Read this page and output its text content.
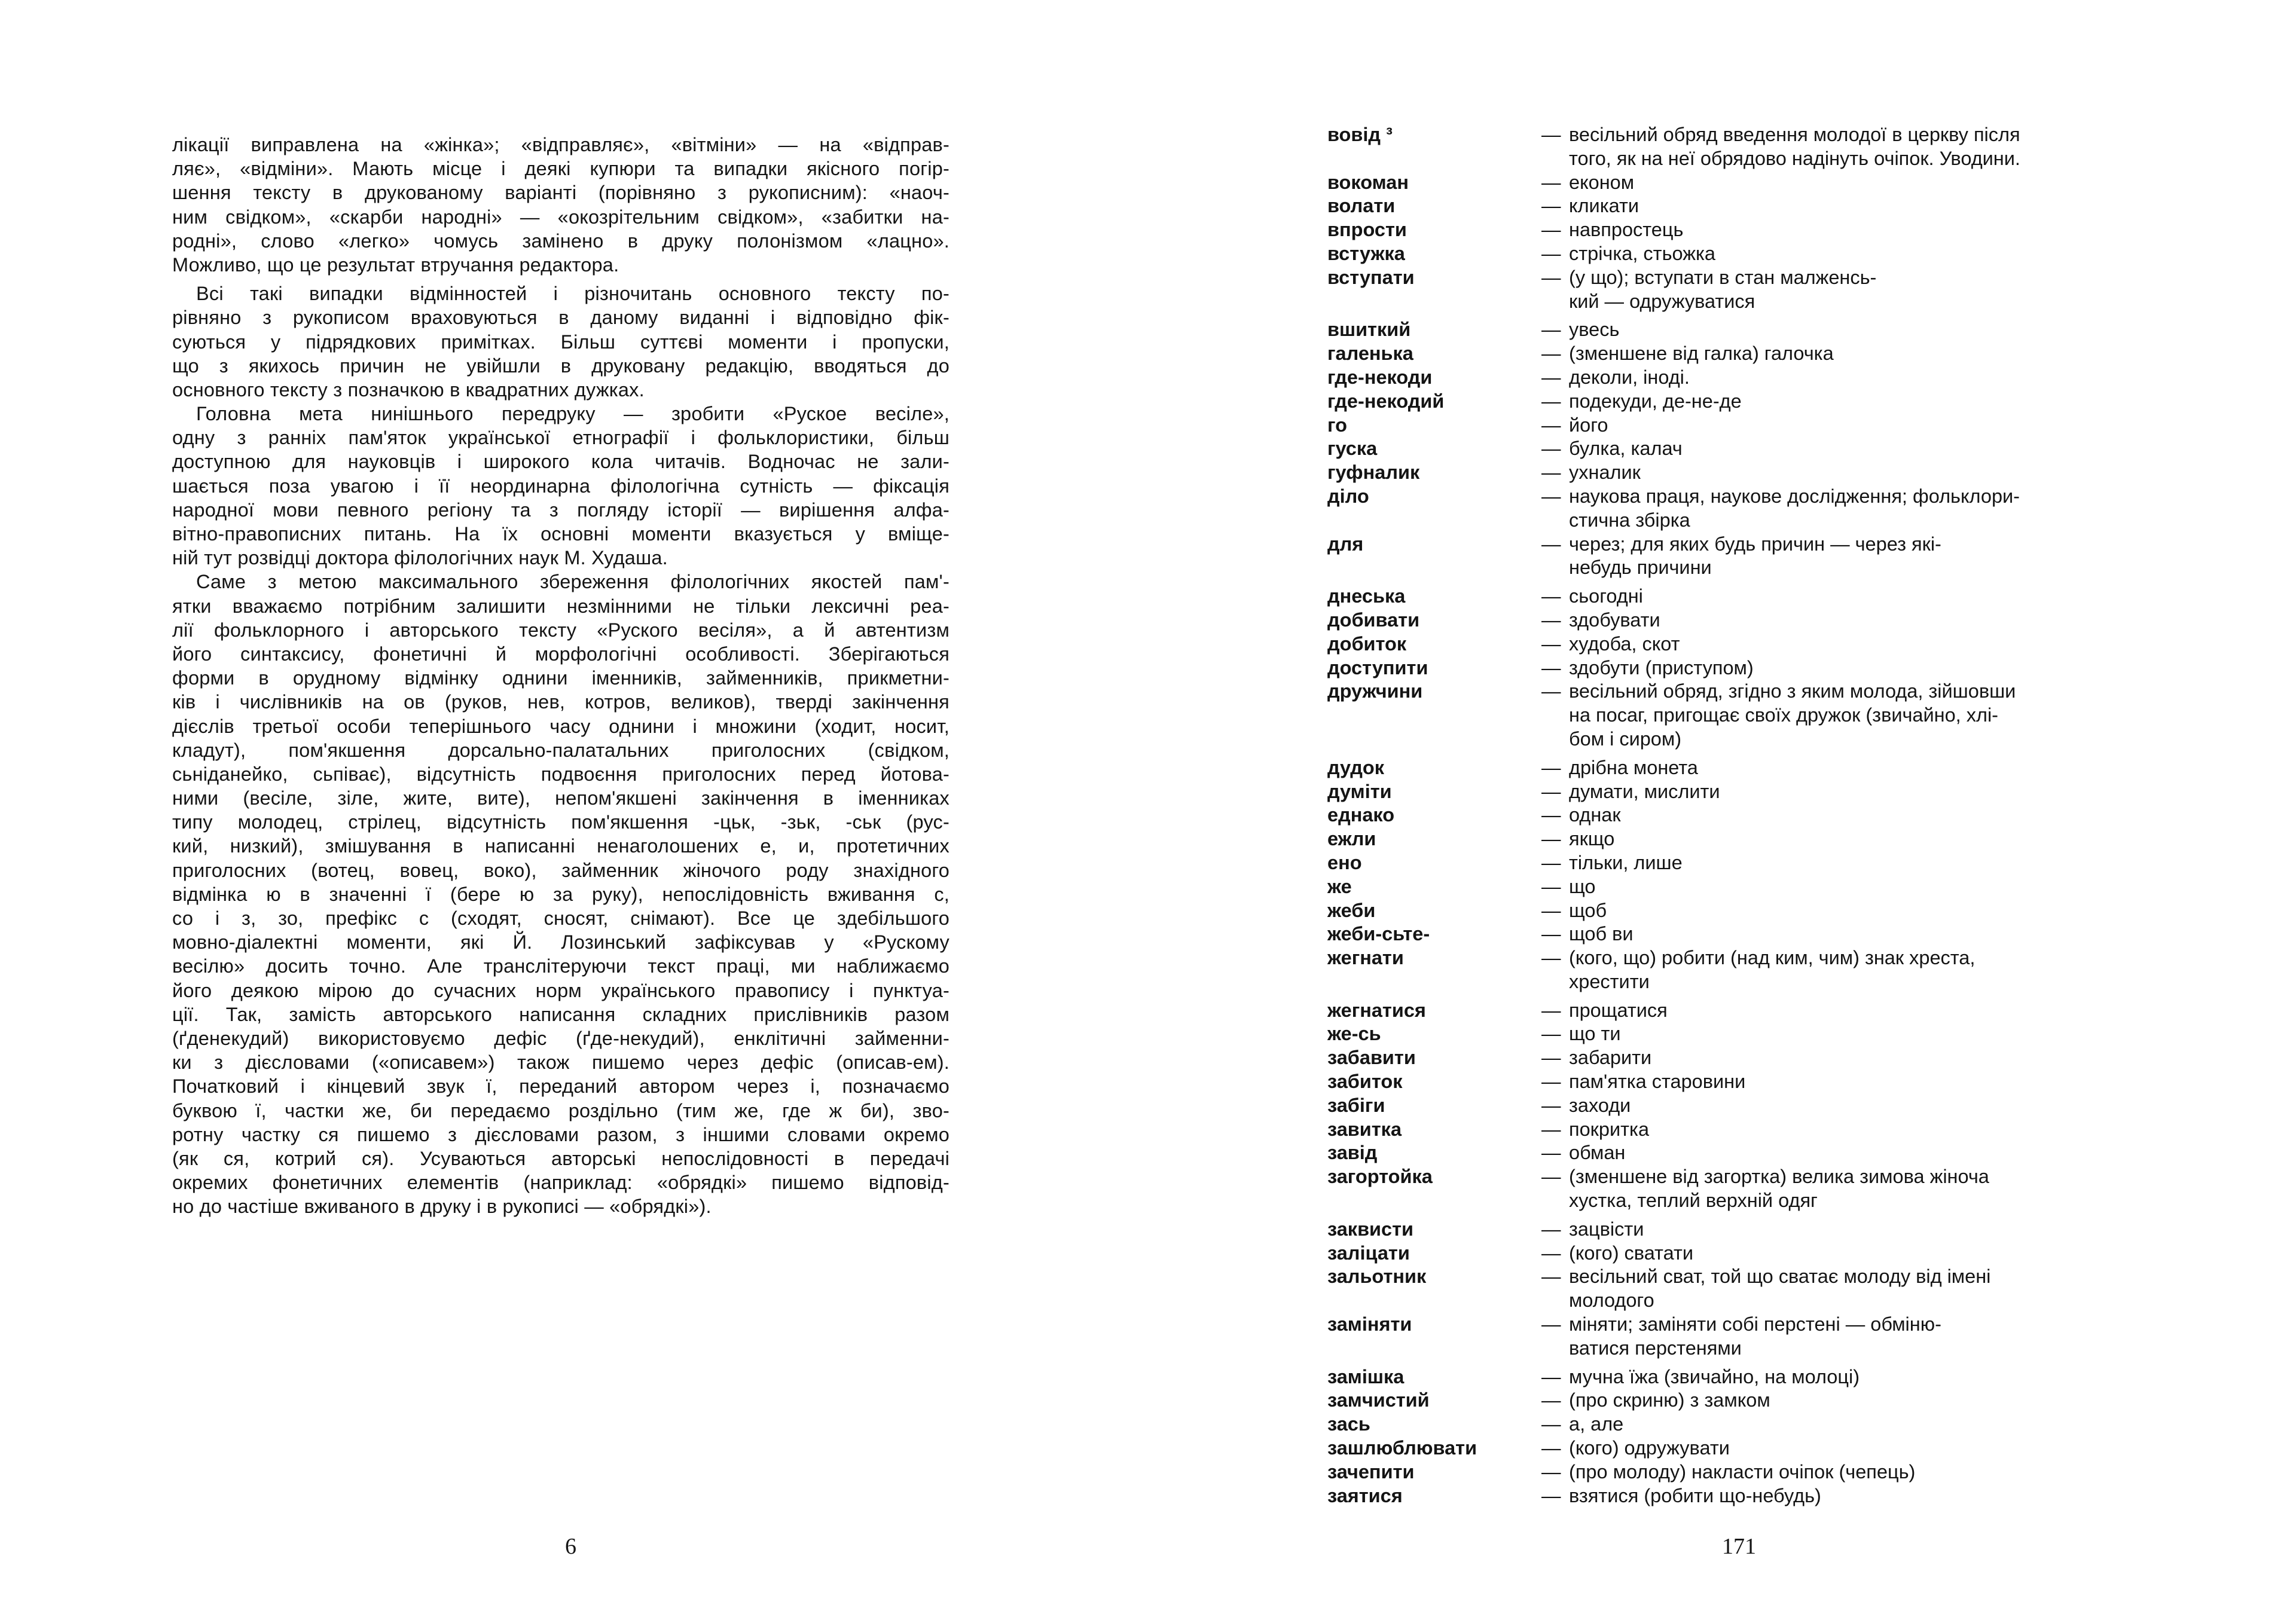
лікації виправлена на «жінка»; «відправляє», «вітміни» — на «відправ-
ляє», «відміни». Мають місце і деякі купюри та випадки якісного погір-
шення тексту в друкованому варіанті (порівняно з рукописним): «наоч-
ним свідком», «скарби народні» — «окозрітельним свідком», «забитки на-
родні», слово «легко» чомусь замінено в друку полонізмом «лацно».
Можливо, що це результат втручання редактора.
Всі такі випадки відмінностей і різночитань основного тексту по-
рівняно з рукописом враховуються в даному виданні і відповідно фік-
суються у підрядкових примітках. Більш суттєві моменти і пропуски,
що з якихось причин не увійшли в друковану редакцію, вводяться до
основного тексту з позначкою в квадратних дужках.
Головна мета нинішнього передруку — зробити «Руское весіле»,
одну з ранніх пам'яток української етнографії і фольклористики, більш
доступною для науковців і широкого кола читачів. Водночас не зали-
шається поза увагою і її неординарна філологічна сутність — фіксація
народної мови певного регіону та з погляду історії — вирішення алфа-
вітно-правописних питань. На їх основні моменти вказується у вміще-
ній тут розвідці доктора філологічних наук М. Худаша.
Саме з метою максимального збереження філологічних якостей пам'-
ятки вважаємо потрібним залишити незмінними не тільки лексичні реа-
лії фольклорного і авторського тексту «Руского весіля», а й автентизм
його синтаксису, фонетичні й морфологічні особливості. Зберігаються
форми в орудному відмінку однини іменників, займенників, прикметни-
ків і числівників на ов (руков, нев, котров, великов), тверді закінчення
дієслів третьої особи теперішнього часу однини і множини (ходит, носит,
кладут), пом'якшення дорсально-палатальних приголосних (свідком,
сьніданейко, сьпіває), відсутність подвоєння приголосних перед йотова-
ними (весіле, зіле, жите, вите), непом'якшені закінчення в іменниках
типу молодец, стрілец, відсутність пом'якшення -цьк, -зьк, -ськ (рус-
кий, низкий), змішування в написанні ненаголошених е, и, протетичних
приголосних (вотец, вовец, воко), займенник жіночого роду знахідного
відмінка ю в значенні ї (бере ю за руку), непослідовність вживання с,
со і з, зо, префікс с (сходят, сносят, снімают). Все це здебільшого
мовно-діалектні моменти, які Й. Лозинський зафіксував у «Рускому
весілю» досить точно. Але транслітеруючи текст праці, ми наближаємо
його деякою мірою до сучасних норм українського правопису і пунктуа-
ції. Так, замість авторського написання складних прислівників разом
(ґденекудий) використовуємо дефіс (ґде-некудий), енклітичні займенни-
ки з дієсловами («описавем») також пишемо через дефіс (описав-ем).
Початковий і кінцевий звук ї, переданий автором через і, позначаємо
буквою ї, частки же, би передаємо роздільно (тим же, где ж би), зво-
ротну частку ся пишемо з дієсловами разом, з іншими словами окремо
(як ся, котрий ся). Усуваються авторські непослідовності в передачі
окремих фонетичних елементів (наприклад: «обрядкі» пишемо відповід-
но до частіше вживаного в друку і в рукописі — «обрядкі»).
6
вовід ³	— весільний обряд введення молодої в церкву після
того, як на неї обрядово надінуть очіпок. Уводини.
вокоман	— економ
волати	— кликати
впрости	— навпростець
встужка	— стрічка, стьожка
вступати	— (у що); вступати в стан малженсь-
кий — одружуватися
вшиткий	— увесь
галенька	— (зменшене від галка) галочка
где-некоди	— деколи, іноді.
где-некодий	— подекуди, де-не-де
го	— його
гуска	— булка, калач
гуфналик	— ухналик
діло	— наукова праця, наукове дослідження; фольклори-
стична збірка
для	— через; для яких будь причин — через які-
небудь причини
днеська	— сьогодні
добивати	— здобувати
добиток	— худоба, скот
доступити	— здобути (приступом)
дружчини	— весільний обряд, згідно з яким молода, зійшовши
на посаг, пригощає своїх дружок (звичайно, хлі-
бом і сиром)
дудок	— дрібна монета
думіти	— думати, мислити
еднако	— однак
ежли	— якщо
ено	— тільки, лише
же	— що
жеби	— щоб
жеби-сьте-	— щоб ви
жегнати	— (кого, що) робити (над ким, чим) знак хреста,
хрестити
жегнатися	— прощатися
же-сь	— що ти
забавити	— забарити
забиток	— пам'ятка старовини
забіги	— заходи
завитка	— покритка
завід	— обман
загортойка	— (зменшене від загортка) велика зимова жіноча
хустка, теплий верхній одяг
заквисти	— зацвісти
заліцати	— (кого) сватати
зальотник	— весільний сват, той що сватає молоду від імені
молодого
заміняти	— міняти; заміняти собі перстені — обміню-
ватися перстенями
замішка	— мучна їжа (звичайно, на молоці)
замчистий	— (про скриню) з замком
зась	— а, але
зашлюблювати	— (кого) одружувати
зачепити	— (про молоду) накласти очіпок (чепець)
заятися	— взятися (робити що-небудь)
171
